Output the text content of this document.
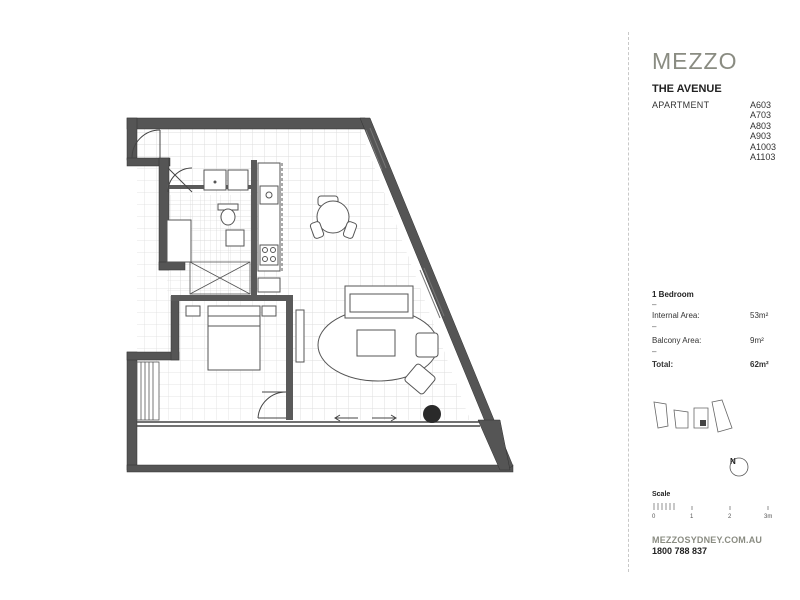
MEZZO
THE AVENUE
APARTMENT	A603
A703
A803
A903
A1003
A1103
1 Bedroom
–
Internal Area:	53m²
–
Balcony Area:	9m²
–
Total:	62m²
N
Scale
0	1	2	3m
MEZZOSYDNEY.COM.AU
1800 788 837
